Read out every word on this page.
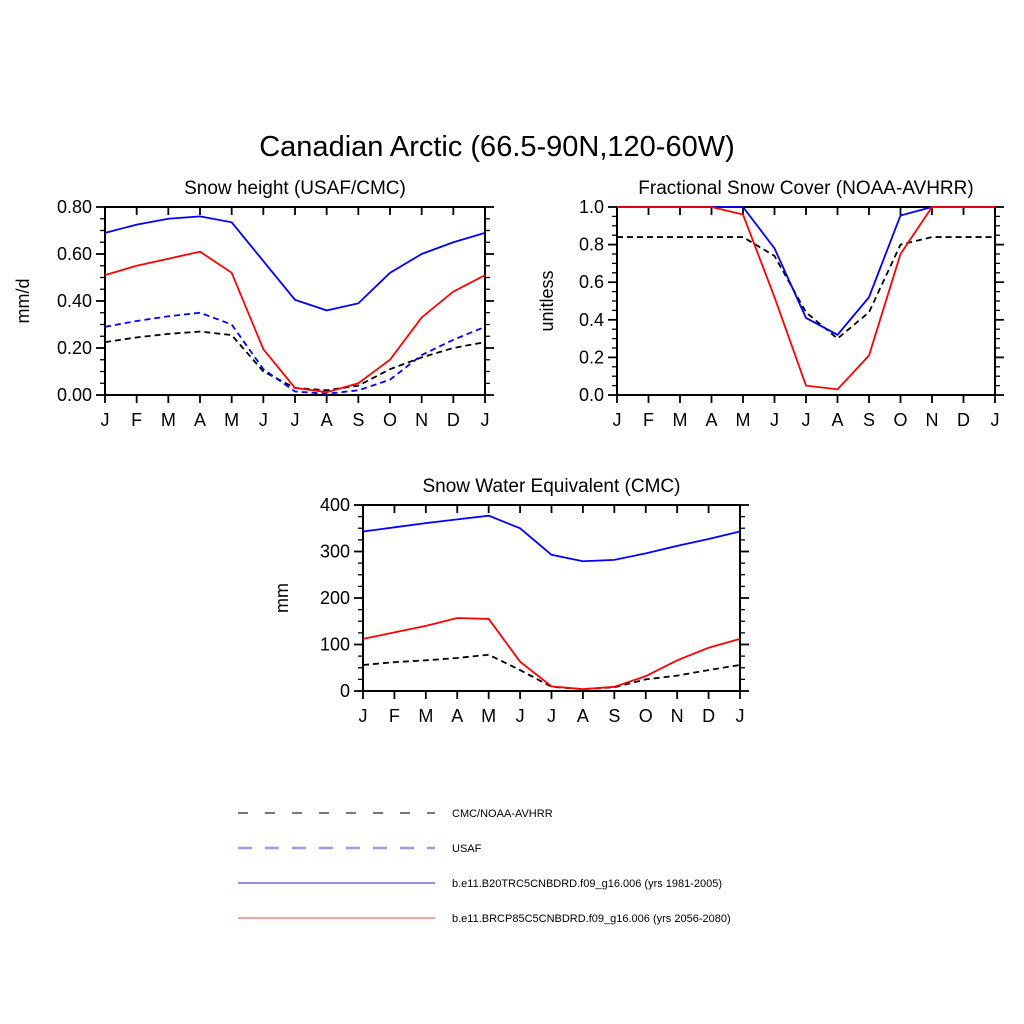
Canadian Arctic (66.5-90N,120-60W)
0.00
0.20
0.40
0.60
0.80
J F M A M J J A S O N D J
Snow height (USAF/CMC)
mm/d
0.0
0.2
0.4
0.6
0.8
1.0
J F M A M J J A S O N D J
Fractional Snow Cover (NOAA-AVHRR)
unitless
0
100
200
300
400
J F M A M J J A S O N D J
Snow Water Equivalent (CMC)
mm
CMC/NOAA-AVHRR
USAF
b.e11.B20TRC5CNBDRD.f09_g16.006 (yrs 1981-2005)
b.e11.BRCP85C5CNBDRD.f09_g16.006 (yrs 2056-2080)
